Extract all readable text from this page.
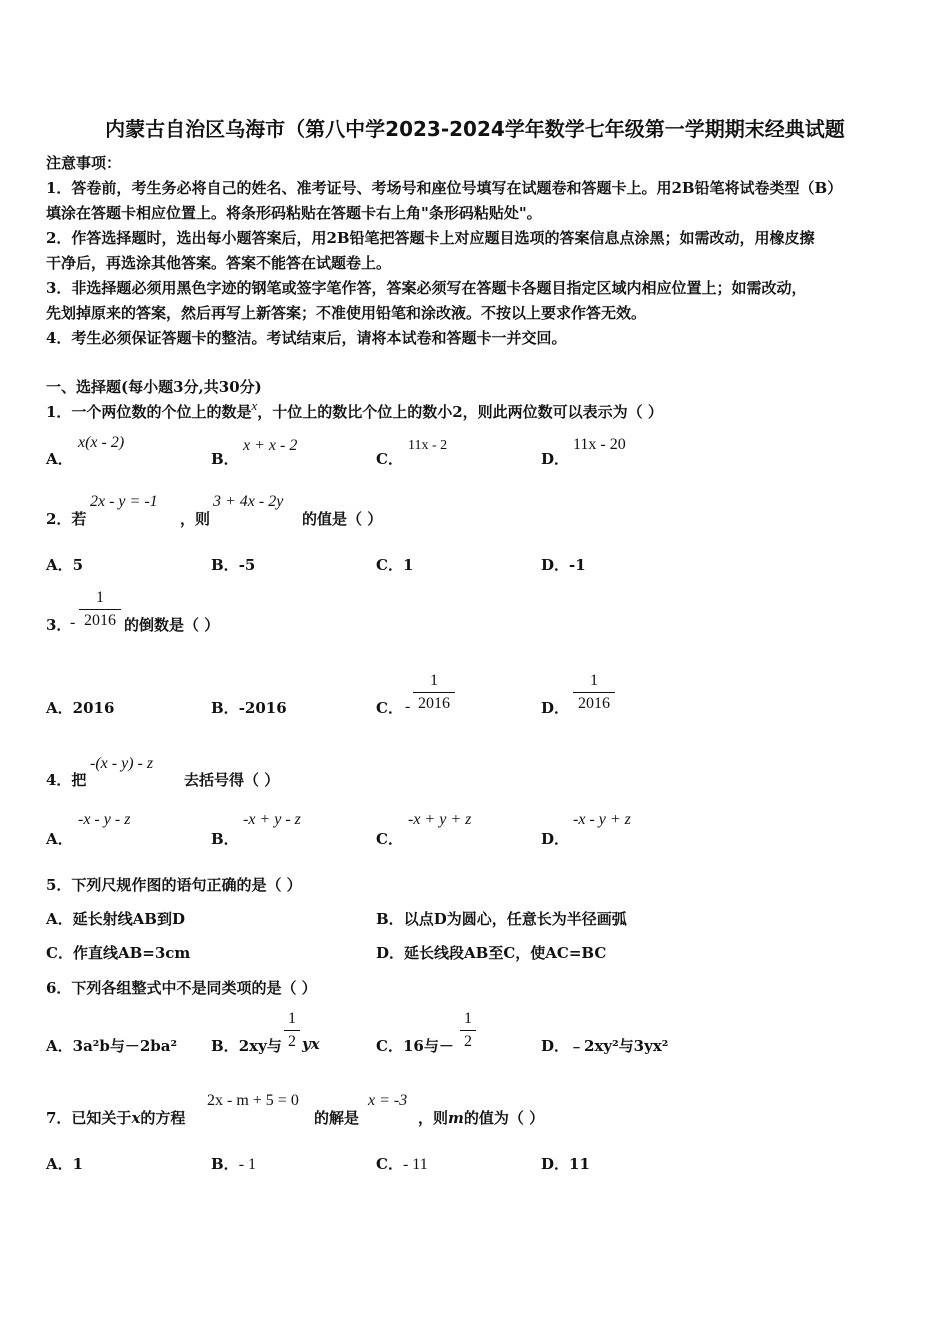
内蒙古自治区乌海市（第八中学2023-2024学年数学七年级第一学期期末经典试题
注意事项：
1．答卷前，考生务必将自己的姓名、准考证号、考场号和座位号填写在试题卷和答题卡上。用2B铅笔将试卷类型（B）
填涂在答题卡相应位置上。将条形码粘贴在答题卡右上角"条形码粘贴处"。
2．作答选择题时，选出每小题答案后，用2B铅笔把答题卡上对应题目选项的答案信息点涂黑；如需改动，用橡皮擦
干净后，再选涂其他答案。答案不能答在试题卷上。
3．非选择题必须用黑色字迹的钢笔或签字笔作答，答案必须写在答题卡各题目指定区域内相应位置上；如需改动，
先划掉原来的答案，然后再写上新答案；不准使用铅笔和涂改液。不按以上要求作答无效。
4．考生必须保证答题卡的整洁。考试结束后，请将本试卷和答题卡一并交回。
一、选择题(每小题3分,共30分)
1．一个两位数的个位上的数是x，十位上的数比个位上的数小2，则此两位数可以表示为（ ）
A．
x(x - 2)
B．
x + x - 2
C．
11x - 2
D．
11x - 20
2．若
2x - y = -1
，则
3 + 4x - 2y
的值是（ ）
A．5	B．-5	C．1	D．-1
3．
-
1
2016 的倒数是（ ）
A．2016	B．-2016	C． -
1
2016	D．
1
2016
4．把
-(x - y) - z
去括号得（ ）
A．
-x - y - z
B．
-x + y - z
C．
-x + y + z
D．
-x - y + z
5．下列尺规作图的语句正确的是（ ）
A．延长射线AB到D	B．以点D为圆心，任意长为半径画弧
C．作直线AB=3cm	D．延长线段AB至C，使AC=BC
6．下列各组整式中不是同类项的是（ ）
A．3a²b与－2ba² B．2xy与
1
2 yx	C．16与－
1
2	D．﹣2xy²与3yx²
7．已知关于x的方程
2x - m + 5 = 0
的解是
x = -3
，则m的值为（ ）
A．1	B．- 1	C．- 11	D．11
